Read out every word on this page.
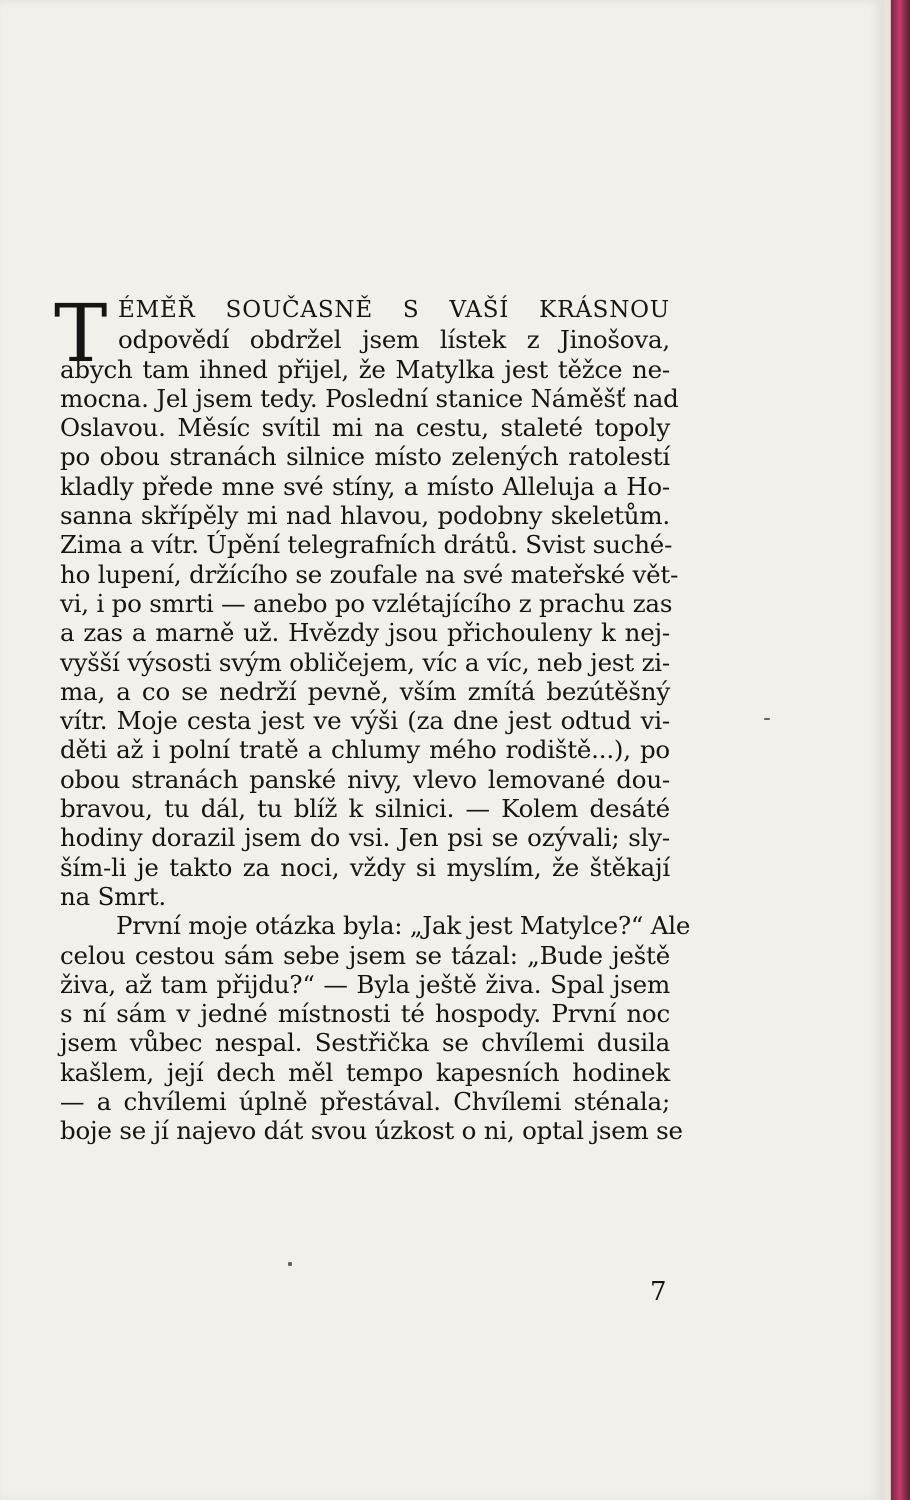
T ÉMĚŘ SOUČASNĚ S VAŠÍ KRÁSNOU
odpovědí obdržel jsem lístek z Jinošova,
abych tam ihned přijel, že Matylka jest těžce ne-
mocna. Jel jsem tedy. Poslední stanice Náměšť nad
Oslavou. Měsíc svítil mi na cestu, staleté topoly
po obou stranách silnice místo zelených ratolestí
kladly přede mne své stíny, a místo Alleluja a Ho-
sanna skřípěly mi nad hlavou, podobny skeletům.
Zima a vítr. Úpění telegrafních drátů. Svist suché-
ho lupení, držícího se zoufale na své mateřské vět-
vi, i po smrti — anebo po vzlétajícího z prachu zas
a zas a marně už. Hvězdy jsou přichouleny k nej-
vyšší výsosti svým obličejem, víc a víc, neb jest zi-
ma, a co se nedrží pevně, vším zmítá bezútěšný
vítr. Moje cesta jest ve výši (za dne jest odtud vi-
děti až i polní tratě a chlumy mého rodiště...), po
obou stranách panské nivy, vlevo lemované dou-
bravou, tu dál, tu blíž k silnici. — Kolem desáté
hodiny dorazil jsem do vsi. Jen psi se ozývali; sly-
ším-li je takto za noci, vždy si myslím, že štěkají
na Smrt.
První moje otázka byla: „Jak jest Matylce?“ Ale
celou cestou sám sebe jsem se tázal: „Bude ještě
živa, až tam přijdu?“ — Byla ještě živa. Spal jsem
s ní sám v jedné místnosti té hospody. První noc
jsem vůbec nespal. Sestřička se chvílemi dusila
kašlem, její dech měl tempo kapesních hodinek
— a chvílemi úplně přestával. Chvílemi sténala;
boje se jí najevo dát svou úzkost o ni, optal jsem se
7
